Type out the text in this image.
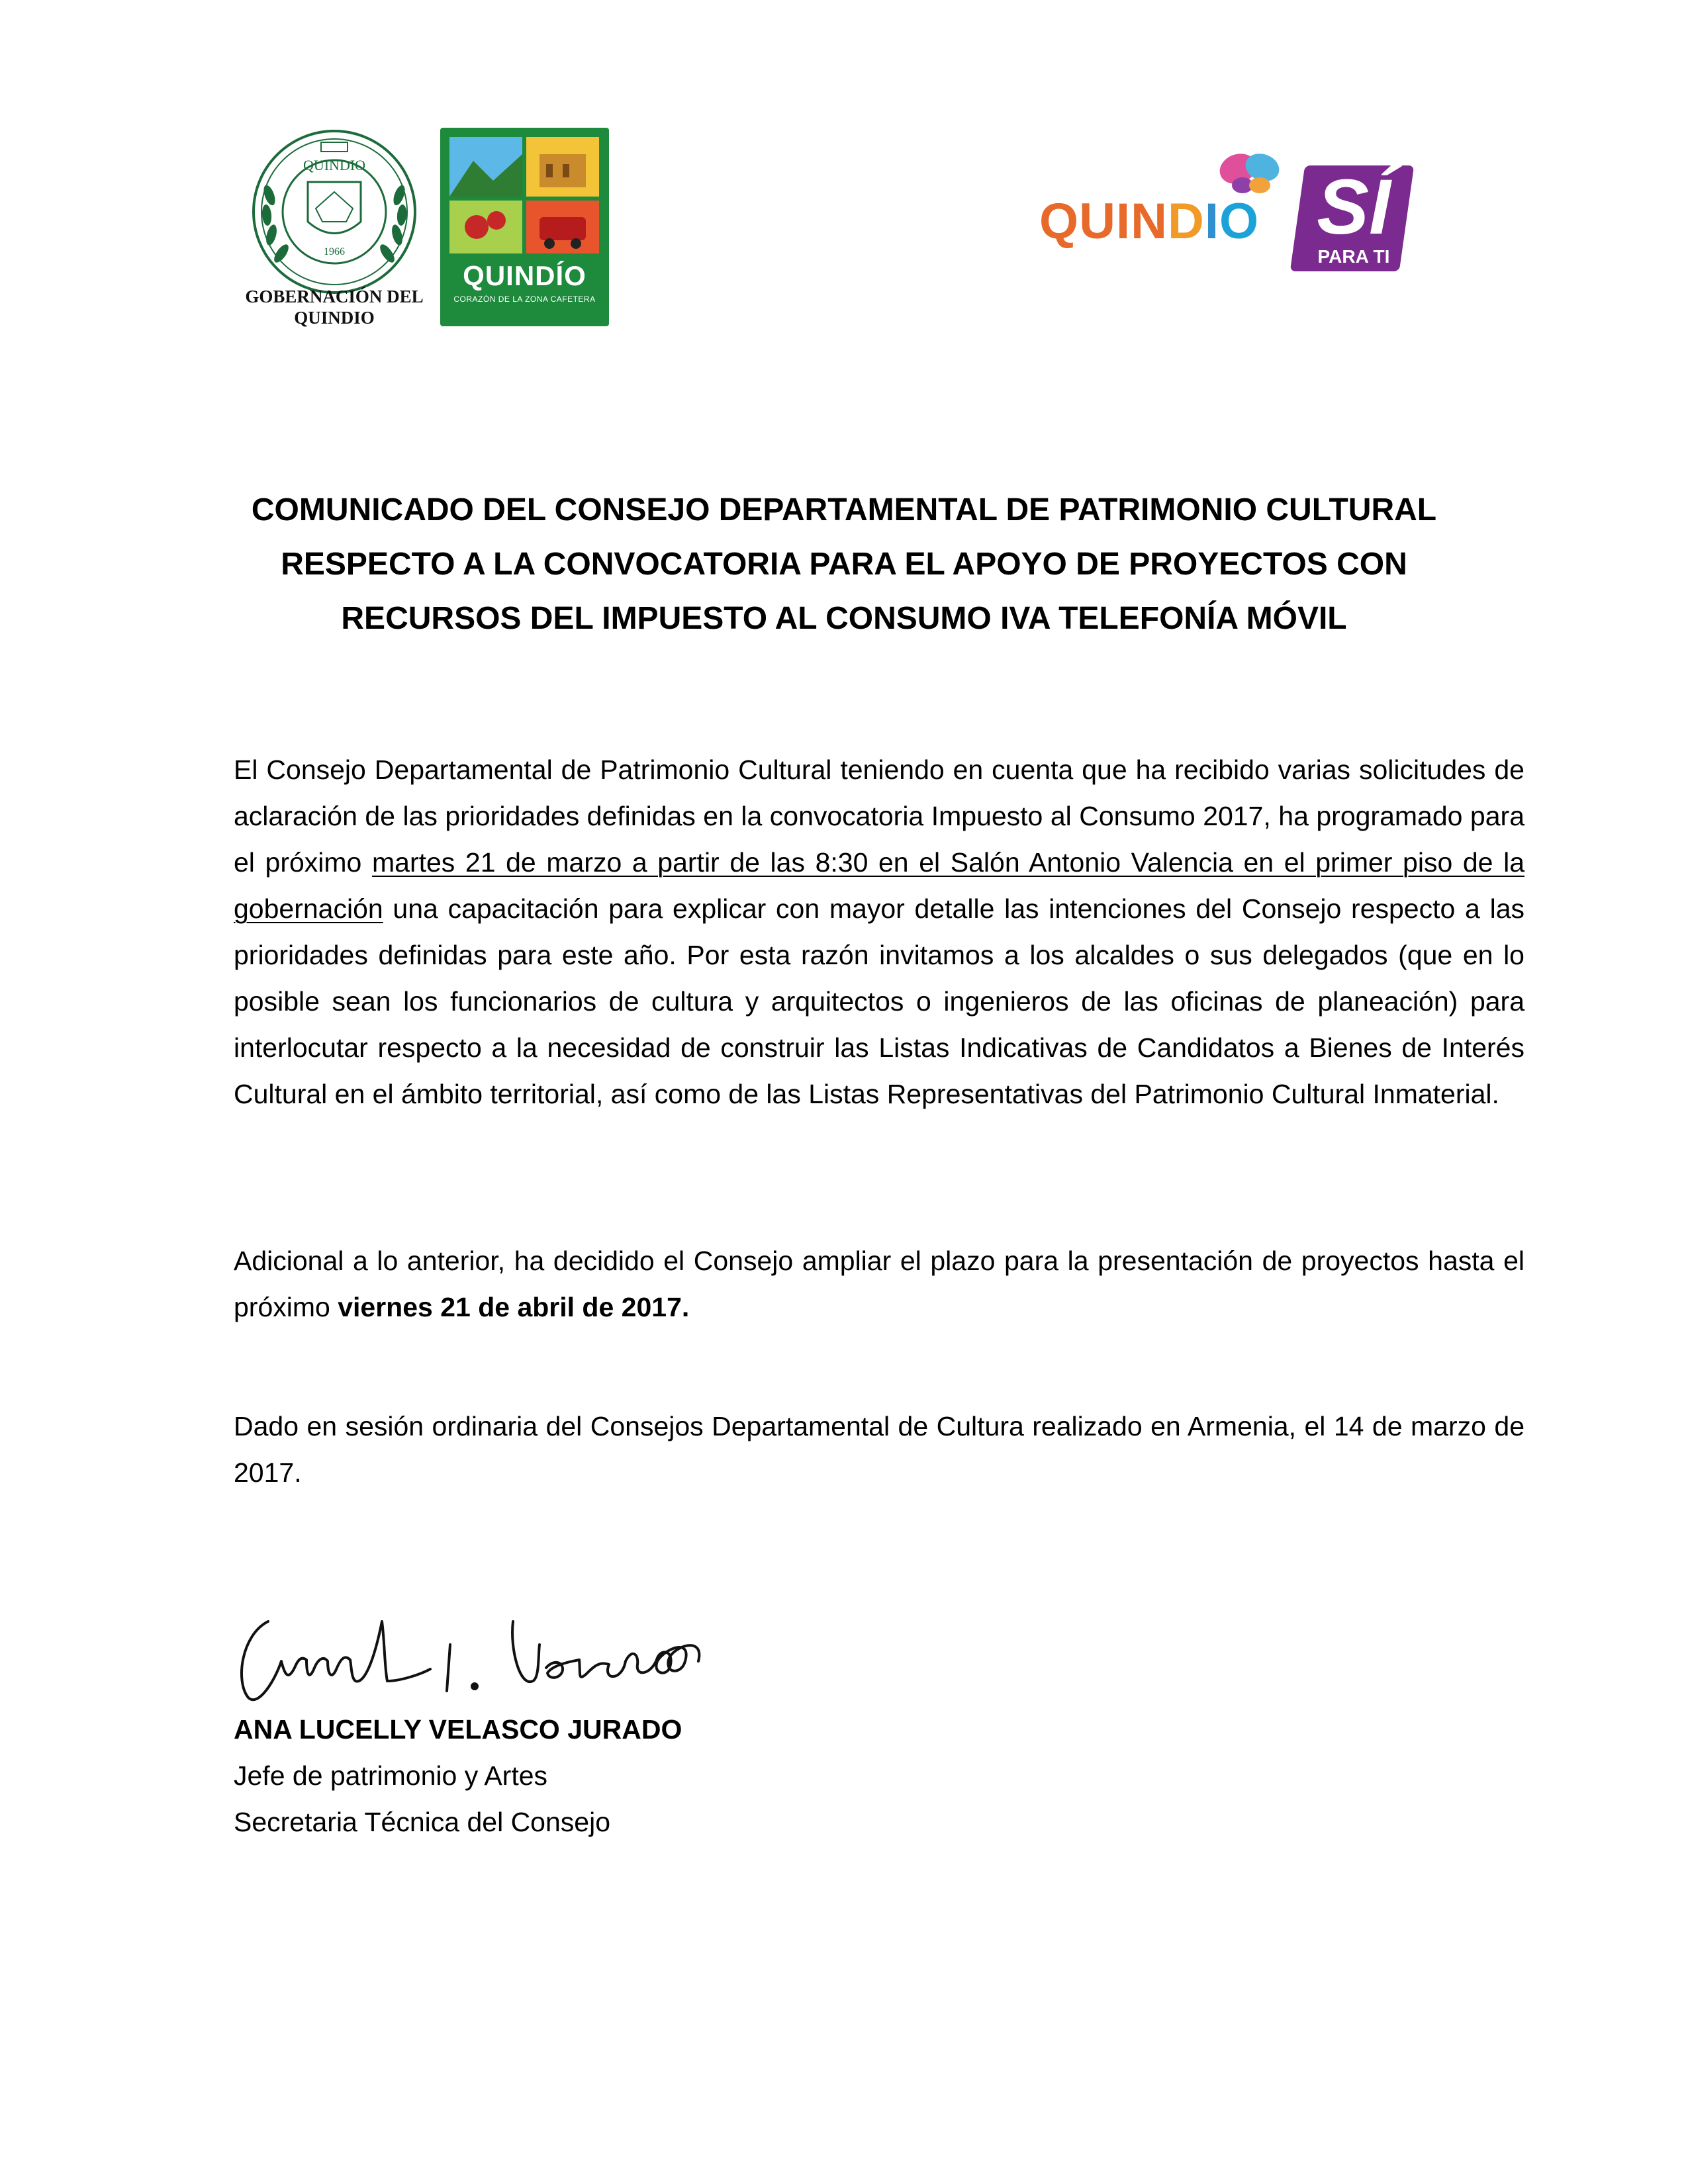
QUINDIO
1966
GOBERNACIÓN DEL
QUINDIO
QUINDÍO
CORAZÓN DE LA ZONA CAFETERA
QUINDIO SÍ
PARA TI
COMUNICADO DEL CONSEJO DEPARTAMENTAL DE PATRIMONIO CULTURAL
RESPECTO A LA CONVOCATORIA PARA EL APOYO DE PROYECTOS CON
RECURSOS DEL IMPUESTO AL CONSUMO IVA TELEFONÍA MÓVIL

El Consejo Departamental de Patrimonio Cultural teniendo en cuenta que ha recibido varias solicitudes de aclaración de las prioridades definidas en la convocatoria Impuesto al Consumo 2017, ha programado para el próximo martes 21 de marzo a partir de las 8:30 en el Salón Antonio Valencia en el primer piso de la gobernación una capacitación para explicar con mayor detalle las intenciones del Consejo respecto a las prioridades definidas para este año. Por esta razón invitamos a los alcaldes o sus delegados (que en lo posible sean los funcionarios de cultura y arquitectos o ingenieros de las oficinas de planeación) para interlocutar respecto a la necesidad de construir las Listas Indicativas de Candidatos a Bienes de Interés Cultural en el ámbito territorial, así como de las Listas Representativas del Patrimonio Cultural Inmaterial.

Adicional a lo anterior, ha decidido el Consejo ampliar el plazo para la presentación de proyectos hasta el próximo viernes 21 de abril de 2017.

Dado en sesión ordinaria del Consejos Departamental de Cultura realizado en Armenia, el 14 de marzo de 2017.

ANA LUCELLY VELASCO JURADO
Jefe de patrimonio y Artes
Secretaria Técnica del Consejo
